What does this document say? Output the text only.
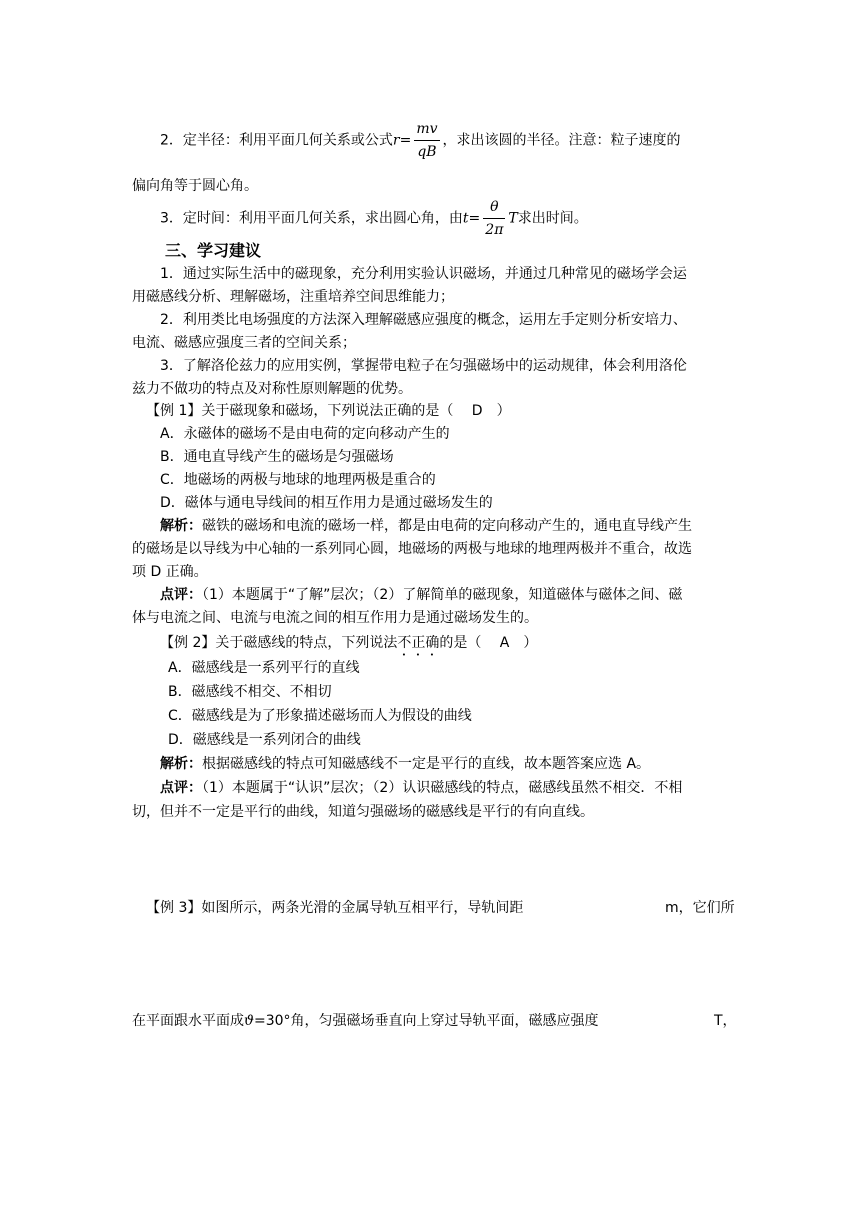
2．定半径：利用平面几何关系或公式$r= \frac{mv}{qB}$ ，求出该圆的半径。注意：粒子速度的
偏向角等于圆心角。
3．定时间：利用平面几何关系，求出圆心角，由$t= \frac{\theta}{2\pi}$ T求出时间。
三、学习建议
1．通过实际生活中的磁现象，充分利用实验认识磁场，并通过几种常见的磁场学会运
用磁感线分析、理解磁场，注重培养空间思维能力；
2．利用类比电场强度的方法深入理解磁感应强度的概念，运用左手定则分析安培力、
电流、磁感应强度三者的空间关系；
3．了解洛伦兹力的应用实例，掌握带电粒子在匀强磁场中的运动规律，体会利用洛伦
兹力不做功的特点及对称性原则解题的优势。
【例 1】关于磁现象和磁场，下列说法正确的是（　 D　）
A．永磁体的磁场不是由电荷的定向移动产生的
B．通电直导线产生的磁场是匀强磁场
C．地磁场的两极与地球的地理两极是重合的
D．磁体与通电导线间的相互作用力是通过磁场发生的
解析：磁铁的磁场和电流的磁场一样，都是由电荷的定向移动产生的，通电直导线产生
的磁场是以导线为中心轴的一系列同心圆，地磁场的两极与地球的地理两极并不重合，故选
项 D 正确。
点评：（1）本题属于“了解”层次；（2）了解简单的磁现象，知道磁体与磁体之间、磁
体与电流之间、电流与电流之间的相互作用力是通过磁场发生的。
【例 2】关于磁感线的特点，下列说法不正确的是（　 A　）
A．磁感线是一系列平行的直线
B．磁感线不相交、不相切
C．磁感线是为了形象描述磁场而人为假设的曲线
D．磁感线是一系列闭合的曲线
解析：根据磁感线的特点可知磁感线不一定是平行的直线，故本题答案应选 A。
点评：（1）本题属于“认识”层次；（2）认识磁感线的特点，磁感线虽然不相交．不相
切，但并不一定是平行的曲线，知道匀强磁场的磁感线是平行的有向直线。
【例 3】如图所示，两条光滑的金属导轨互相平行，导轨间距	m，它们所
在平面跟水平面成ϑ=30°角，匀强磁场垂直向上穿过导轨平面，磁感应强度	T，
